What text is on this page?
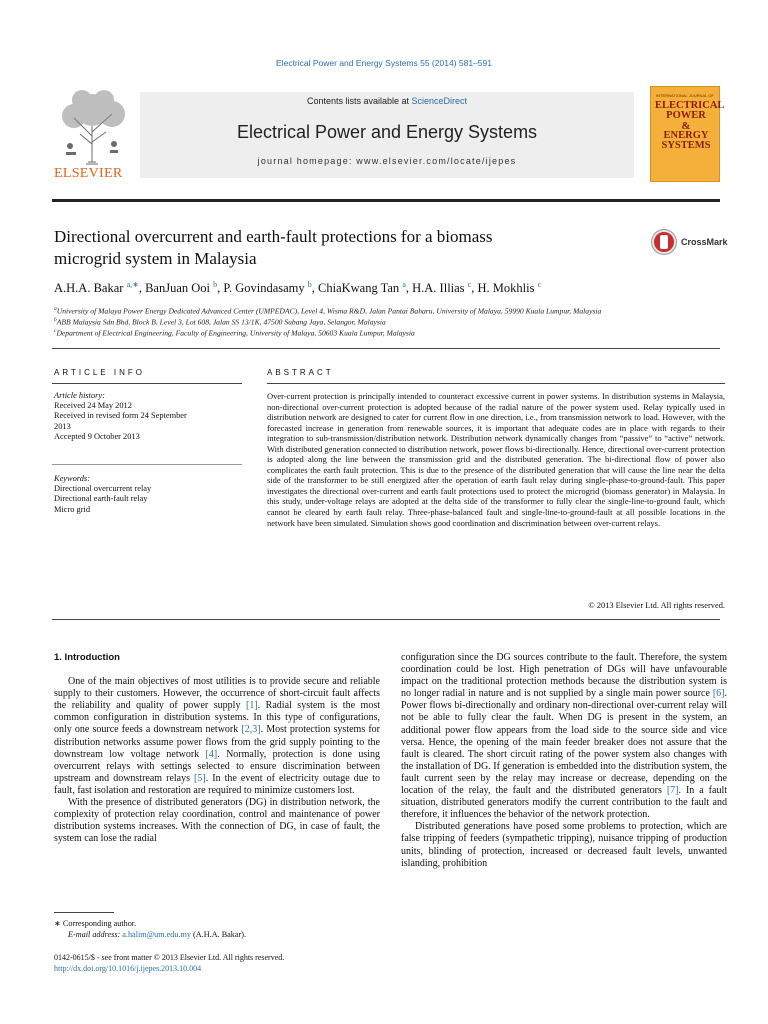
Electrical Power and Energy Systems 55 (2014) 581–591
ELSEVIER
Contents lists available at ScienceDirect
Electrical Power and Energy Systems
journal homepage: www.elsevier.com/locate/ijepes
INTERNATIONAL JOURNAL OF
ELECTRICAL
POWER
&
ENERGY
SYSTEMS
Directional overcurrent and earth-fault protections for a biomass
microgrid system in Malaysia
CrossMark
A.H.A. Bakar $^{a,∗}$, BanJuan Ooi $^b$, P. Govindasamy $^b$, ChiaKwang Tan $^a$, H.A. Illias $^c$, H. Mokhlis $^c$
$^a$University of Malaya Power Energy Dedicated Advanced Center (UMPEDAC), Level 4, Wisma R&D, Jalan Pantai Baharu, University of Malaya, 59990 Kuala Lumpur, Malaysia
$^b$ABB Malaysia Sdn Bhd, Block B, Level 3, Lot 608, Jalan SS 13/1K, 47500 Subang Jaya, Selangor, Malaysia
$^c$Department of Electrical Engineering, Faculty of Engineering, University of Malaya, 50603 Kuala Lumpur, Malaysia
ARTICLE INFO	ABSTRACT
Article history:
Received 24 May 2012
Received in revised form 24 September
2013
Accepted 9 October 2013
Keywords:
Directional overcurrent relay
Directional earth-fault relay
Micro grid
Over-current protection is principally intended to counteract excessive current in power systems. In distribution systems in Malaysia, non-directional over-current protection is adopted because of the radial nature of the power system used. Relay typically used in distribution network are designed to cater for current flow in one direction, i.e., from transmission network to load. However, with the forecasted increase in generation from renewable sources, it is important that adequate codes are in place with regards to their integration to sub-transmission/distribution network. Distribution network dynamically changes from “passive” to “active” network. With distributed generation connected to distribution network, power flows bi-directionally. Hence, directional over-current protection is adopted along the line between the transmission grid and the distributed generation. The bi-directional flow of power also complicates the earth fault protection. This is due to the presence of the distributed generation that will cause the line near the delta side of the transformer to be still energized after the operation of earth fault relay during single-phase-to-ground-fault. This paper investigates the directional over-current and earth fault protections used to protect the microgrid (biomass generator) in Malaysia. In this study, under-voltage relays are adopted at the delta side of the transformer to fully clear the single-line-to-ground fault, which cannot be cleared by earth fault relay. Three-phase-balanced fault and single-line-to-ground-fault at all possible locations in the network have been simulated. Simulation shows good coordination and discrimination between over-current relays.
© 2013 Elsevier Ltd. All rights reserved.
1. Introduction

One of the main objectives of most utilities is to provide secure and reliable supply to their customers. However, the occurrence of short-circuit fault affects the reliability and quality of power supply [1]. Radial system is the most common configuration in distribution systems. In this type of configurations, only one source feeds a downstream network [2,3]. Most protection systems for distribution networks assume power flows from the grid supply pointing to the downstream low voltage network [4]. Normally, protection is done using overcurrent relays with settings selected to ensure discrimination between upstream and downstream relays [5]. In the event of electricity outage due to fault, fast isolation and restoration are required to minimize customers lost.

With the presence of distributed generators (DG) in distribution network, the complexity of protection relay coordination, control and maintenance of power distribution systems increases. With the connection of DG, in case of fault, the system can lose the radial

configuration since the DG sources contribute to the fault. Therefore, the system coordination could be lost. High penetration of DGs will have unfavourable impact on the traditional protection methods because the distribution system is no longer radial in nature and is not supplied by a single main power source [6]. Power flows bi-directionally and ordinary non-directional over-current relay will not be able to fully clear the fault. When DG is present in the system, an additional power flow appears from the load side to the source side and vice versa. Hence, the opening of the main feeder breaker does not assure that the fault is cleared. The short circuit rating of the power system also changes with the installation of DG. If generation is embedded into the distribution system, the fault current seen by the relay may increase or decrease, depending on the location of the relay, the fault and the distributed generators [7]. In a fault situation, distributed generators modify the current contribution to the fault and therefore, it influences the behavior of the network protection.

Distributed generations have posed some problems to protection, which are false tripping of feeders (sympathetic tripping), nuisance tripping of production units, blinding of protection, increased or decreased fault levels, unwanted islanding, prohibition

∗ Corresponding author.
E-mail address: a.halim@um.edu.my (A.H.A. Bakar).
0142-0615/$ - see front matter © 2013 Elsevier Ltd. All rights reserved.
http://dx.doi.org/10.1016/j.ijepes.2013.10.004
